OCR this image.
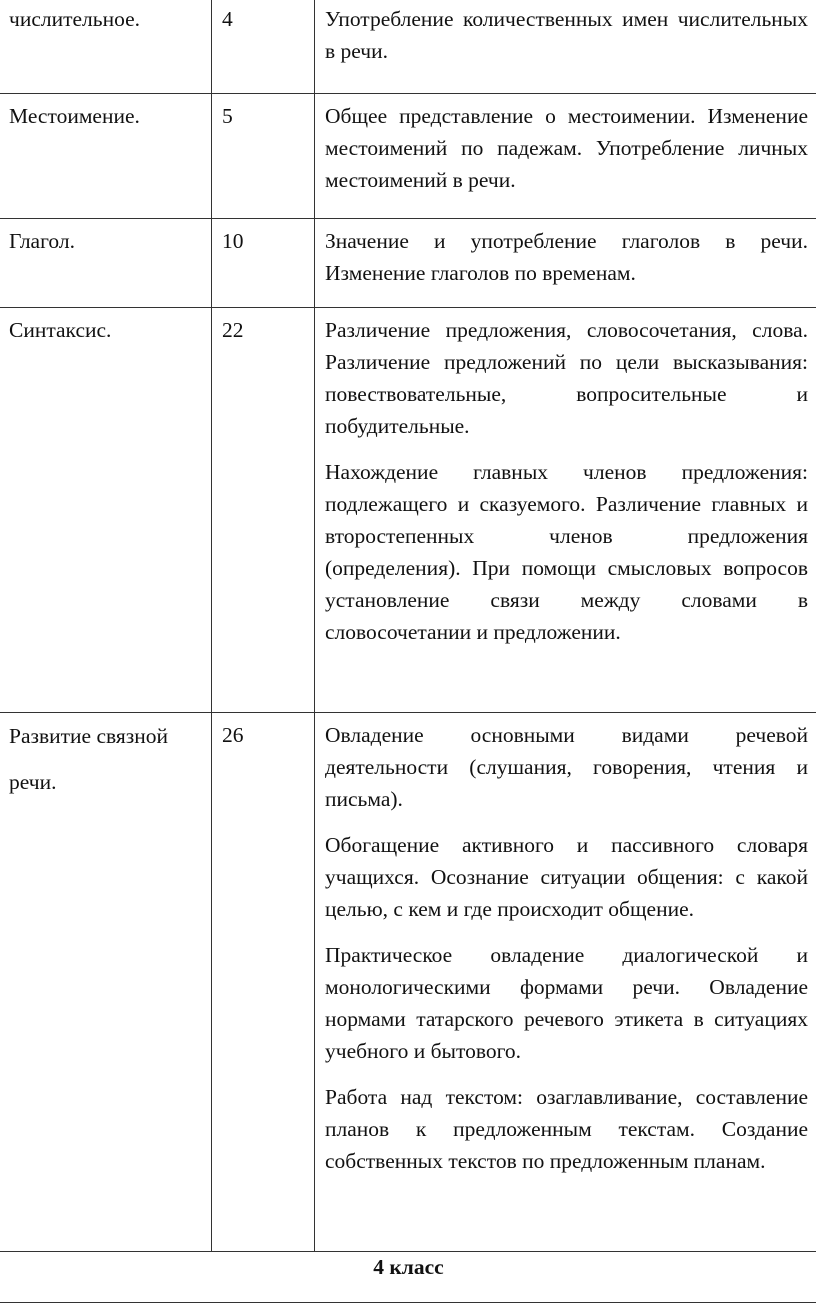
числительное.	4	Употребление количественных имен числительных в речи.

Местоимение.	5	Общее представление о местоимении. Изменение местоимений по падежам. Употребление личных местоимений в речи.

Глагол.	10	Значение и употребление глаголов в речи. Изменение глаголов по временам.

Синтаксис.	22	Различение предложения, словосочетания, слова. Различение предложений по цели высказывания: повествовательные, вопросительные и побудительные.

Нахождение главных членов предложения: подлежащего и сказуемого. Различение главных и второстепенных членов предложения (определения). При помощи смысловых вопросов установление связи между словами в словосочетании и предложении.

Развитие связной речи.	26	Овладение основными видами речевой деятельности (слушания, говорения, чтения и письма).

Обогащение активного и пассивного словаря учащихся. Осознание ситуации общения: с какой целью, с кем и где происходит общение.

Практическое овладение диалогической и монологическими формами речи. Овладение нормами татарского речевого этикета в ситуациях учебного и бытового.

Работа над текстом: озаглавливание, составление планов к предложенным текстам. Создание собственных текстов по предложенным планам.

4 класс		
